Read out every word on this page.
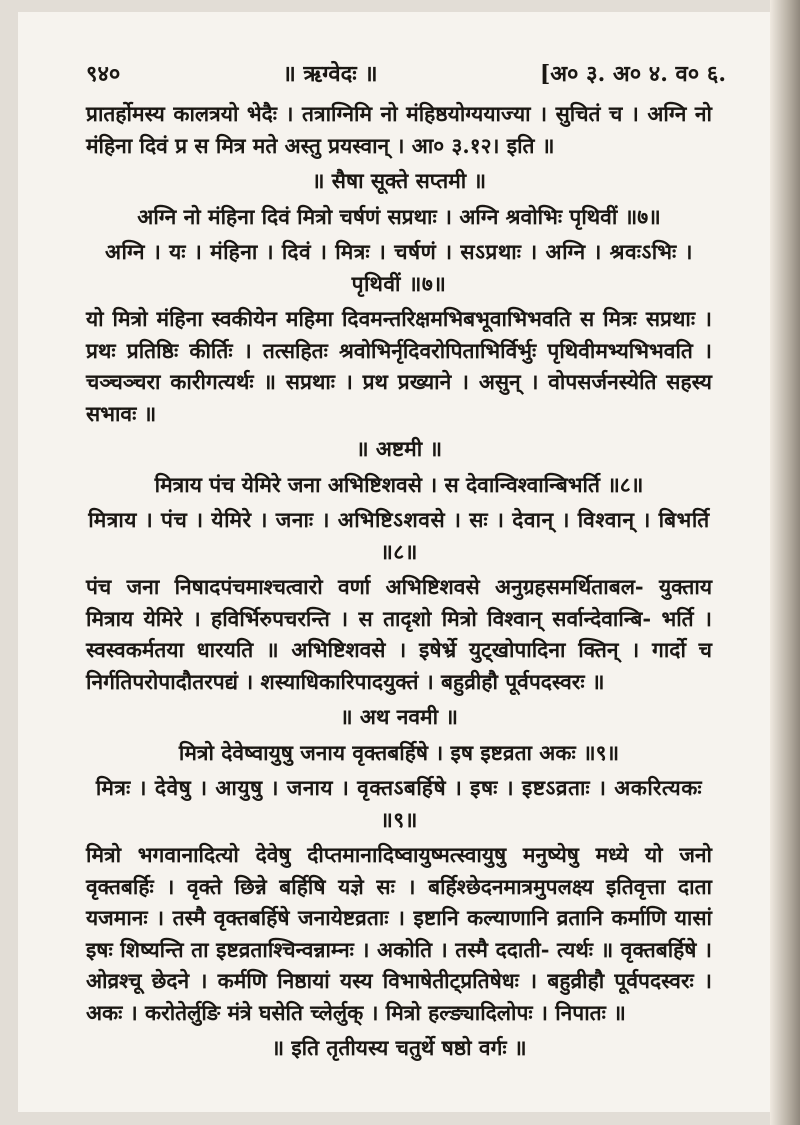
९४०	॥ ऋग्वेदः ॥	[अ० ३. अ० ४. व० ६.

प्रातर्होमस्य कालत्रयो भेदैः । तत्राग्निमि नो मंहिष्ठयोग्ययाज्या । सुचितं च । अग्नि नो मंहिना दिवं प्र स मित्र मते अस्तु प्रयस्वान् । आ० ३.१२। इति ॥

॥ सैषा सूक्ते सप्तमी ॥

अग्नि नो मंहिना दिवं मित्रो चर्षणं सप्रथाः । अग्नि श्रवोभिः पृथिवीं ॥७॥

अग्नि । यः । मंहिना । दिवं । मित्रः । चर्षणं । सऽप्रथाः । अग्नि । श्रवःऽभिः । पृथिवीं ॥७॥

यो मित्रो मंहिना स्वकीयेन महिमा दिवमन्तरिक्षमभिबभूवाभिभवति स मित्रः सप्रथाः । प्रथः प्रतिष्ठिः कीर्तिः । तत्सहितः श्रवोभिर्नृदिवरोपिताभिर्विर्भुः पृथिवीमभ्यभिभवति । चञ्चञ्चरा कारीगत्यर्थः ॥ सप्रथाः । प्रथ प्रख्याने । असुन् । वोपसर्जनस्येति सहस्य सभावः ॥

॥ अष्टमी ॥

मित्राय पंच येमिरे जना अभिष्टिशवसे । स देवान्विश्वान्बिभर्ति ॥८॥

मित्राय । पंच । येमिरे । जनाः । अभिष्टिऽशवसे । सः । देवान् । विश्वान् । बिभर्ति ॥८॥

पंच जना निषादपंचमाश्चत्वारो वर्णा अभिष्टिशवसे अनुग्रहसमर्थिताबल- युक्ताय मित्राय येमिरे । हविर्भिरुपचरन्ति । स तादृशो मित्रो विश्वान् सर्वान्देवान्बि- भर्ति । स्वस्वकर्मतया धारयति ॥ अभिष्टिशवसे । इषेर्भ्रे युट्खोपादिना क्तिन् । गार्दो च निर्गतिपरोपादौतरपद्यं । शस्याधिकारिपादयुक्तं । बहुव्रीहौ पूर्वपदस्वरः ॥

॥ अथ नवमी ॥

मित्रो देवेष्वायुषु जनाय वृक्तबर्हिषे । इष इष्टव्रता अकः ॥९॥

मित्रः । देवेषु । आयुषु । जनाय । वृक्तऽबर्हिषे । इषः । इष्टऽव्रताः । अकरित्यकः ॥९॥

मित्रो भगवानादित्यो देवेषु दीप्तमानादिष्वायुष्मत्स्वायुषु मनुष्येषु मध्ये यो जनो वृक्तबर्हिः । वृक्ते छिन्ने बर्हिषि यज्ञे सः । बर्हिश्छेदनमात्रमुपलक्ष्य इतिवृत्ता दाता यजमानः । तस्मै वृक्तबर्हिषे जनायेष्टव्रताः । इष्टानि कल्याणानि व्रतानि कर्माणि यासां इषः शिष्यन्ति ता इष्टव्रताश्चिन्वन्नाम्नः । अकोति । तस्मै ददाती- त्यर्थः ॥ वृक्तबर्हिषे । ओव्रश्चू छेदने । कर्मणि निष्ठायां यस्य विभाषेतीट्प्रतिषेधः । बहुव्रीहौ पूर्वपदस्वरः । अकः । करोतेर्लुङि मंत्रे घसेति च्लेर्लुक् । मित्रो हल्ङ्यादिलोपः । निपातः ॥

॥ इति तृतीयस्य चतुर्थे षष्ठो वर्गः ॥
